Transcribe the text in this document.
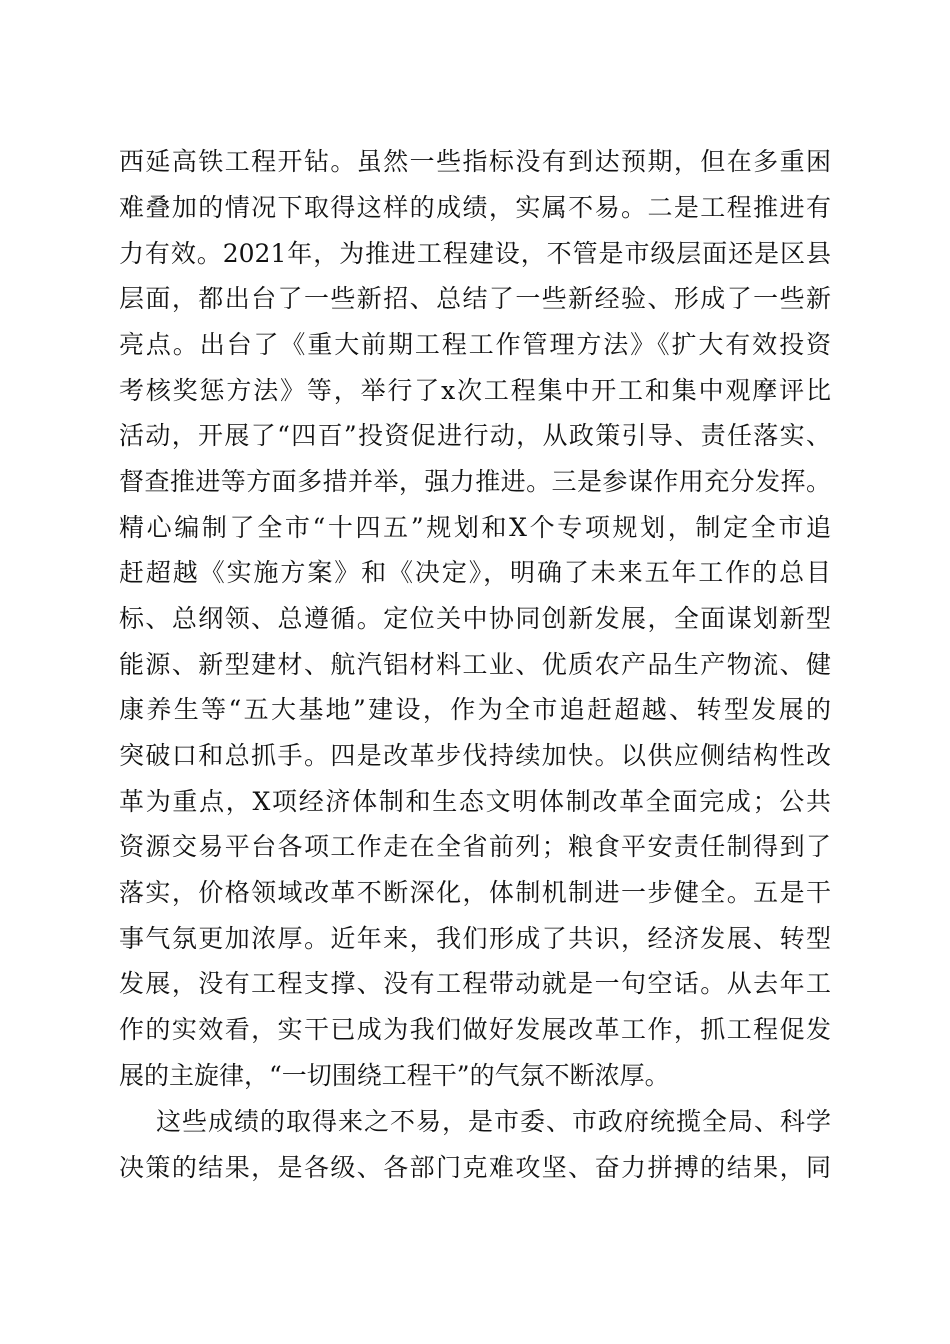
西延高铁工程开钻。虽然一些指标没有到达预期，但在多重困
难叠加的情况下取得这样的成绩，实属不易。二是工程推进有
力有效。2021年，为推进工程建设，不管是市级层面还是区县
层面，都出台了一些新招、总结了一些新经验、形成了一些新
亮点。出台了《重大前期工程工作管理方法》《扩大有效投资
考核奖惩方法》等，举行了x次工程集中开工和集中观摩评比
活动，开展了“四百”投资促进行动，从政策引导、责任落实、
督查推进等方面多措并举，强力推进。三是参谋作用充分发挥。
精心编制了全市“十四五”规划和X个专项规划，制定全市追
赶超越《实施方案》和《决定》，明确了未来五年工作的总目
标、总纲领、总遵循。定位关中协同创新发展，全面谋划新型
能源、新型建材、航汽铝材料工业、优质农产品生产物流、健
康养生等“五大基地”建设，作为全市追赶超越、转型发展的
突破口和总抓手。四是改革步伐持续加快。以供应侧结构性改
革为重点，X项经济体制和生态文明体制改革全面完成；公共
资源交易平台各项工作走在全省前列；粮食平安责任制得到了
落实，价格领域改革不断深化，体制机制进一步健全。五是干
事气氛更加浓厚。近年来，我们形成了共识，经济发展、转型
发展，没有工程支撑、没有工程带动就是一句空话。从去年工
作的实效看，实干已成为我们做好发展改革工作，抓工程促发
展的主旋律，“一切围绕工程干”的气氛不断浓厚。
这些成绩的取得来之不易，是市委、市政府统揽全局、科学
决策的结果，是各级、各部门克难攻坚、奋力拼搏的结果，同
